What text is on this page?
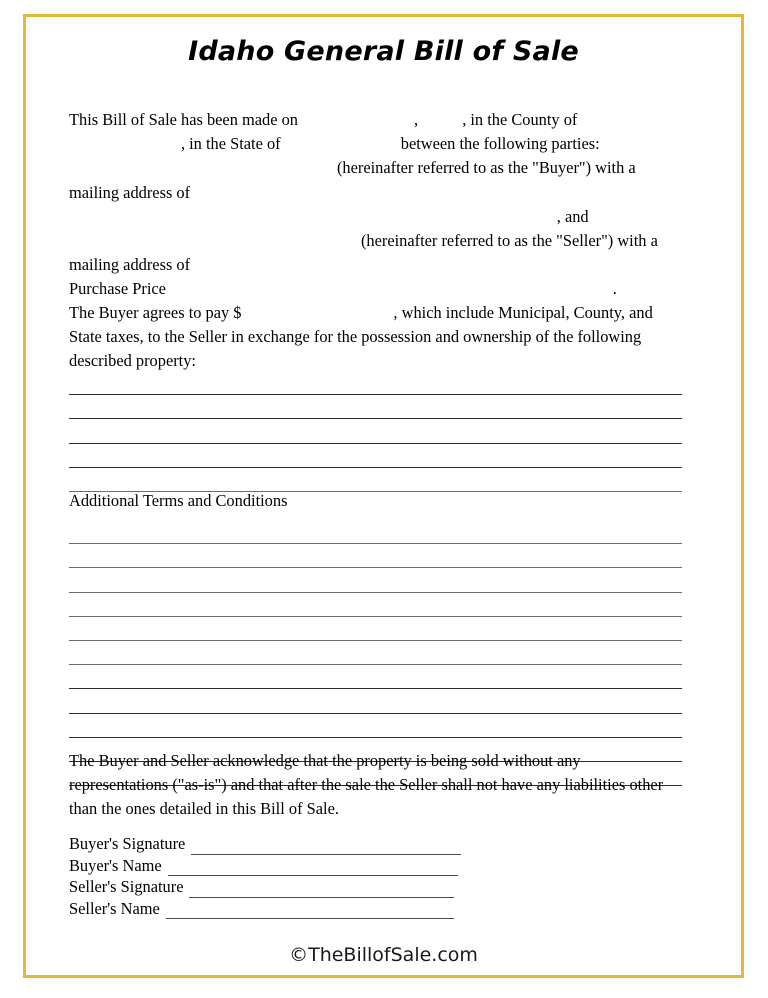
Idaho General Bill of Sale
This Bill of Sale has been made on	, , in the County of , in the State of	between the following parties: (hereinafter referred to as the "Buyer") with a mailing address of , and (hereinafter referred to as the "Seller") with a mailing address of .
Purchase Price
The Buyer agrees to pay $	, which include Municipal, County, and State taxes, to the Seller in exchange for the possession and ownership of the following described property:
Additional Terms and Conditions
The Buyer and Seller acknowledge that the property is being sold without any representations ("as-is") and that after the sale the Seller shall not have any liabilities other than the ones detailed in this Bill of Sale.
Buyer's Signature
Buyer's Name
Seller's Signature
Seller's Name
©TheBillofSale.com
